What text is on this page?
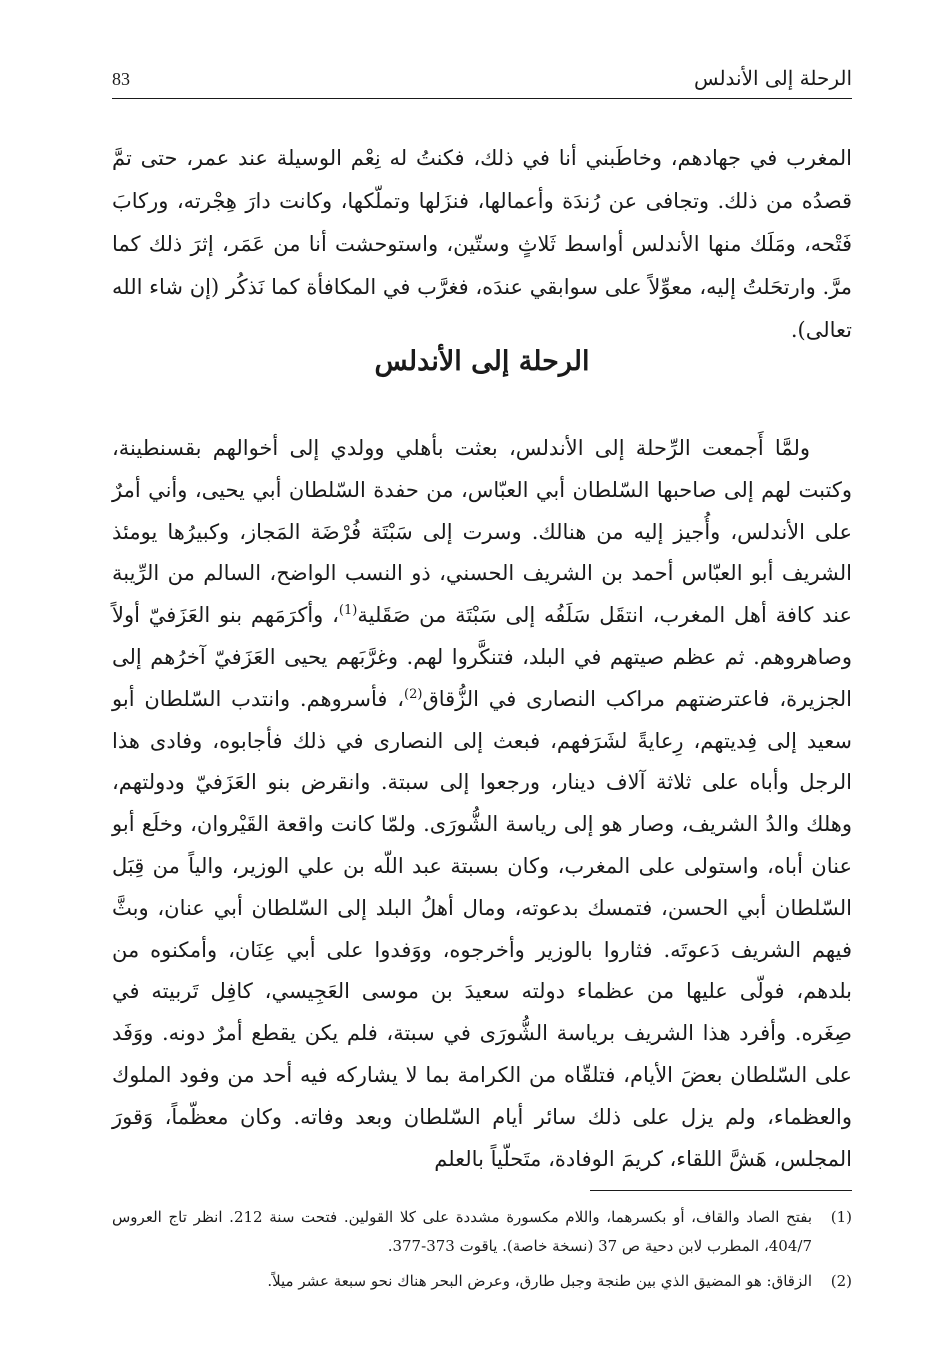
الرحلة إلى الأندلس
83

المغرب في جهادهم، وخاطَبني أنا في ذلك، فكنتُ له نِعْم الوسيلة عند عمر، حتى تمَّ قصدُه من ذلك. وتجافى عن رُندَة وأعمالها، فنزَلها وتملّكها، وكانت دارَ هِجْرته، وركابَ فَتْحه، ومَلَك منها الأندلس أواسط ثَلاثٍ وستّين، واستوحشت أنا من عَمَر، إثرَ ذلك كما مرَّ. وارتحَلتُ إليه، معوِّلاً على سوابقي عندَه، فغرَّب في المكافأة كما نَذكُر (إن شاء الله تعالى).

الرحلة إلى الأندلس

ولمَّا أَجمعت الرِّحلة إلى الأندلس، بعثت بأهلي وولدي إلى أخوالهم بقسنطينة، وكتبت لهم إلى صاحبها السّلطان أبي العبّاس، من حفدة السّلطان أبي يحيى، وأني أمرٌ على الأندلس، وأُجيز إليه من هنالك. وسرت إلى سَبْتَة فُرْضَة المَجاز، وكبيرُها يومئذ الشريف أبو العبّاس أحمد بن الشريف الحسني، ذو النسب الواضح، السالم من الرِّيبة عند كافة أهل المغرب، انتقَل سَلَفُه إلى سَبْتَة من صَقَلية$^{(1)}$، وأكرَمَهم بنو العَزَفيّ أولاً وصاهروهم. ثم عظم صيتهم في البلد، فتنكَّروا لهم. وغرَّبَهم يحيى العَزَفيّ آخرُهم إلى الجزيرة، فاعترضتهم مراكب النصارى في الزُّقاق$^{(2)}$، فأسروهم. وانتدب السّلطان أبو سعيد إلى فِديتهم، رِعايةً لشَرَفهم، فبعث إلى النصارى في ذلك فأجابوه، وفادى هذا الرجل وأباه على ثلاثة آلاف دينار، ورجعوا إلى سبتة. وانقرض بنو العَزَفيّ ودولتهم، وهلك والدُ الشريف، وصار هو إلى رياسة الشُّورَى. ولمّا كانت واقعة القَيْروان، وخلَع أبو عنان أباه، واستولى على المغرب، وكان بسبتة عبد اللّه بن علي الوزير، والياً من قِبَل السّلطان أبي الحسن، فتمسك بدعوته، ومال أهلُ البلد إلى السّلطان أبي عنان، وبثَّ فيهم الشريف دَعوتَه. فثاروا بالوزير وأخرجوه، ووَفدوا على أبي عِنَان، وأمكنوه من بلدهم، فولّى عليها من عظماء دولته سعيدَ بن موسى العَجِيسي، كافِل تَربيته في صِغَره. وأفرد هذا الشريف برياسة الشُّورَى في سبتة، فلم يكن يقطع أمرٌ دونه. ووَفَد على السّلطان بعضَ الأيام، فتلقّاه من الكرامة بما لا يشاركه فيه أحد من وفود الملوك والعظماء، ولم يزل على ذلك سائر أيام السّلطان وبعد وفاته. وكان معظّماً، وَقورَ المجلس، هَشَّ اللقاء، كريمَ الوفادة، متَحلّياً بالعلم

(1)
بفتح الصاد والقاف، أو بكسرهما، واللام مكسورة مشددة على كلا القولين. فتحت سنة 212. انظر تاج العروس 404/7، المطرب لابن دحية ص 37 (نسخة خاصة). ياقوت 373-377.
(2)
الزقاق: هو المضيق الذي بين طنجة وجبل طارق، وعرض البحر هناك نحو سبعة عشر ميلاً.
